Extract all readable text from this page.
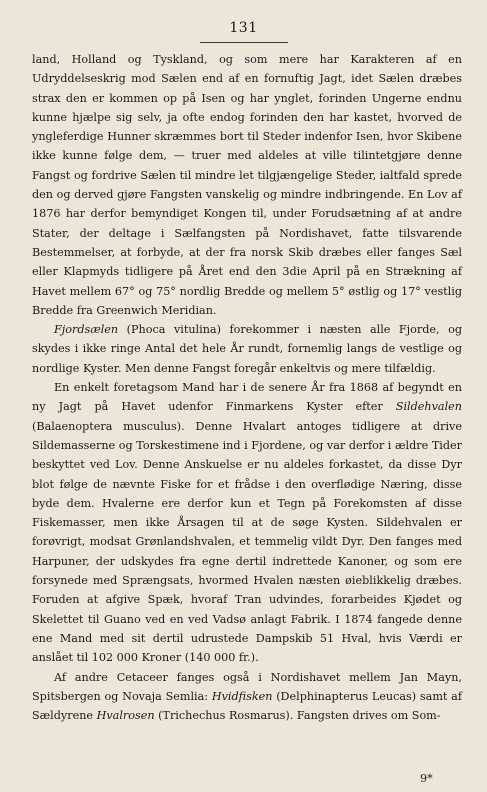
131

land, Holland og Tyskland, og som mere har Karakteren af en Udryddelseskrig mod Sælen end af en fornuftig Jagt, idet Sælen dræbes strax den er kommen op på Isen og har ynglet, forinden Ungerne endnu kunne hjælpe sig selv, ja ofte endog forinden den har kastet, hvorved de yngleferdige Hunner skræmmes bort til Steder indenfor Isen, hvor Skibene ikke kunne følge dem, — truer med aldeles at ville tilintetgjøre denne Fangst og fordrive Sælen til mindre let tilgjængelige Steder, ialtfald sprede den og derved gjøre Fangsten vanskelig og mindre indbringende. En Lov af 1876 har derfor bemyndiget Kongen til, under Forudsætning af at andre Stater, der deltage i Sælfangsten på Nordishavet, fatte tilsvarende Bestemmelser, at forbyde, at der fra norsk Skib dræbes eller fanges Sæl eller Klapmyds tidligere på Året end den 3die April på en Strækning af Havet mellem 67° og 75° nordlig Bredde og mellem 5° østlig og 17° vestlig Bredde fra Greenwich Meridian.

Fjordsælen (Phoca vitulina) forekommer i næsten alle Fjorde, og skydes i ikke ringe Antal det hele År rundt, fornemlig langs de vestlige og nordlige Kyster. Men denne Fangst foregår enkeltvis og mere tilfældig.

En enkelt foretagsom Mand har i de senere År fra 1868 af begyndt en ny Jagt på Havet udenfor Finmarkens Kyster efter Sildehvalen (Balaenoptera musculus). Denne Hvalart antoges tidligere at drive Sildemasserne og Torskestimene ind i Fjordene, og var derfor i ældre Tider beskyttet ved Lov. Denne Anskuelse er nu aldeles forkastet, da disse Dyr blot følge de nævnte Fiske for et frådse i den overflødige Næring, disse byde dem. Hvalerne ere derfor kun et Tegn på Forekomsten af disse Fiskemasser, men ikke Årsagen til at de søge Kysten. Sildehvalen er forøvrigt, modsat Grønlandshvalen, et temmelig vildt Dyr. Den fanges med Harpuner, der udskydes fra egne dertil indrettede Kanoner, og som ere forsynede med Sprængsats, hvormed Hvalen næsten øieblikkelig dræbes. Foruden at afgive Spæk, hvoraf Tran udvindes, forarbeides Kjødet og Skelettet til Guano ved en ved Vadsø anlagt Fabrik. I 1874 fangede denne ene Mand med sit dertil udrustede Dampskib 51 Hval, hvis Værdi er anslået til 102 000 Kroner (140 000 fr.).

Af andre Cetaceer fanges også i Nordishavet mellem Jan Mayn, Spitsbergen og Novaja Semlia: Hvidfisken (Delphinapterus Leucas) samt af Sældyrene Hvalrosen (Trichechus Rosmarus). Fangsten drives om Som-

9*
